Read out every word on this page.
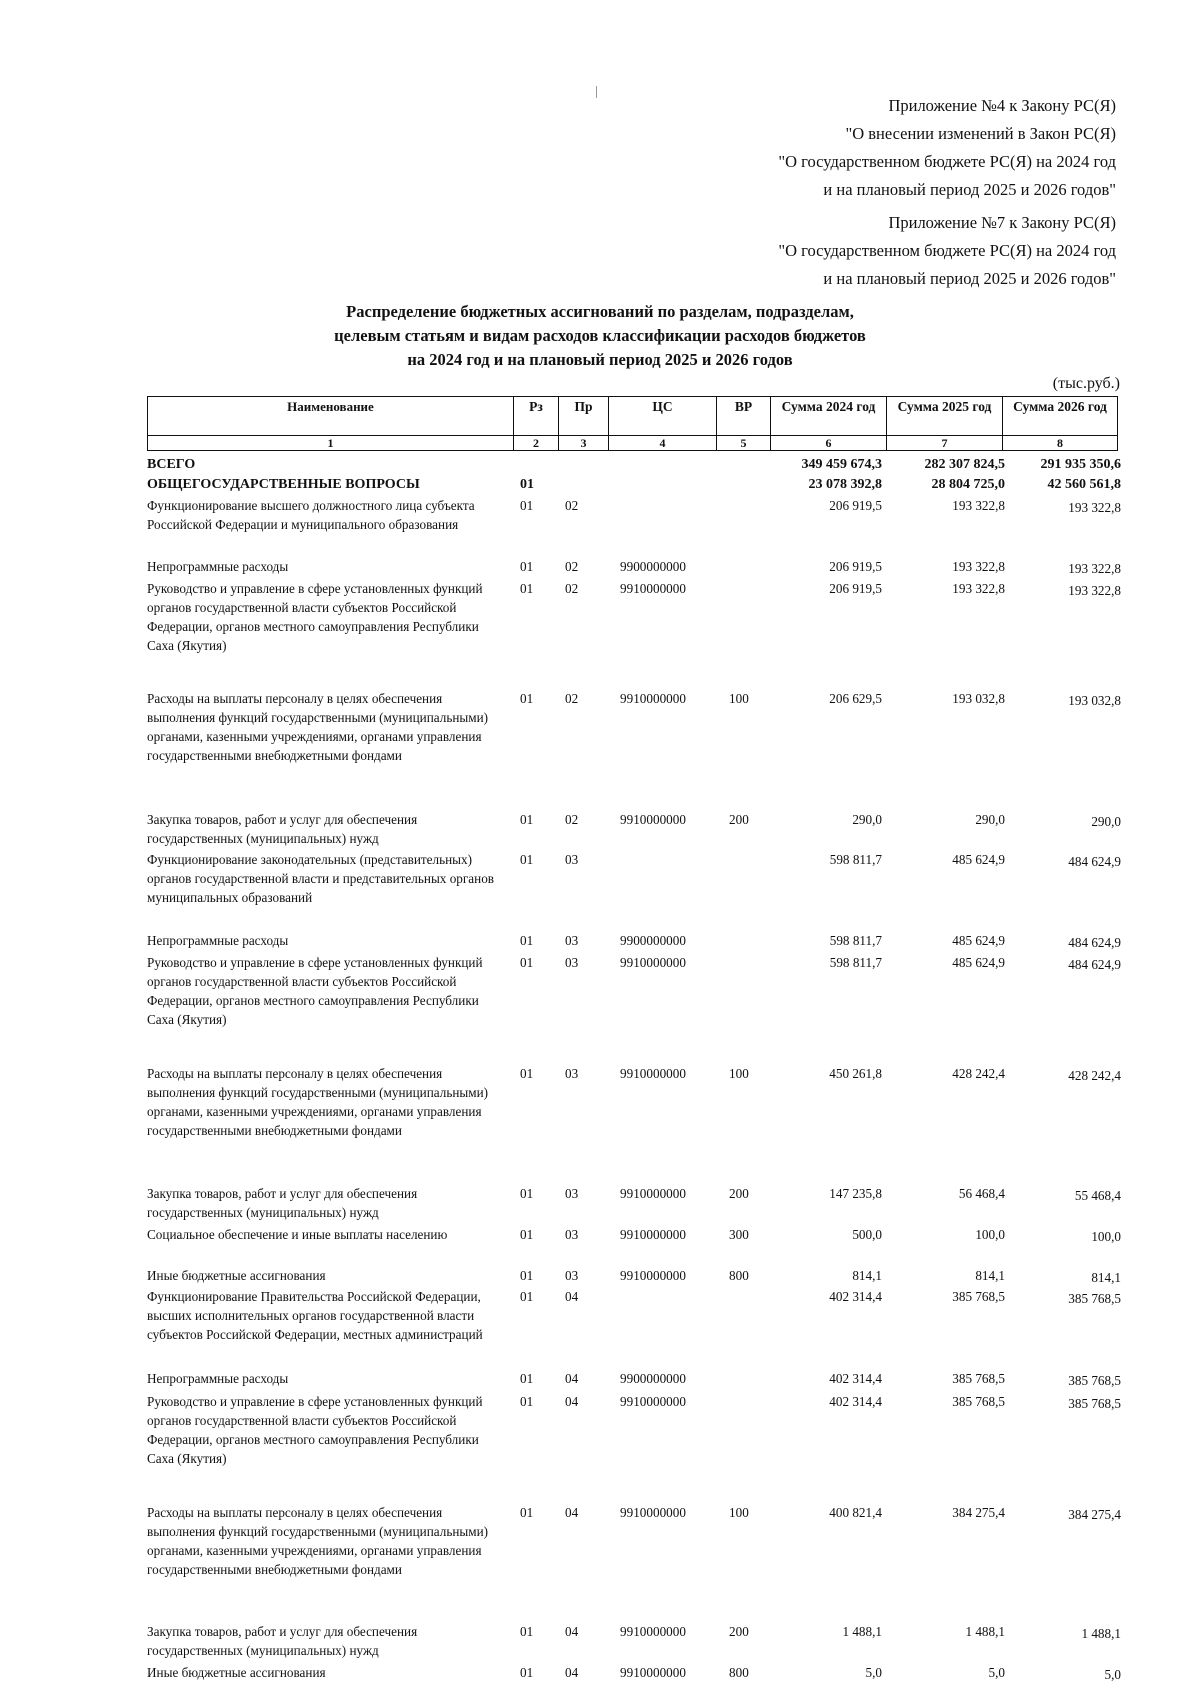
Приложение №4 к Закону РС(Я)
"О внесении изменений в Закон РС(Я)
"О государственном бюджете РС(Я) на 2024 год
и на плановый период 2025 и 2026 годов"
Приложение №7 к Закону РС(Я)
"О государственном бюджете РС(Я) на 2024 год
и на плановый период 2025 и 2026 годов"
Распределение бюджетных ассигнований по разделам, подразделам,
целевым статьям и видам расходов классификации расходов бюджетов
на 2024 год и на плановый период 2025 и 2026 годов
(тыс.руб.)
Наименование	Рз	Пр	ЦС	ВР	Сумма 2024 год	Сумма 2025 год	Сумма 2026 год
1	2	3	4	5	6	7	8
ВСЕГО	349 459 674,3	282 307 824,5	291 935 350,6
ОБЩЕГОСУДАРСТВЕННЫЕ ВОПРОСЫ	01	23 078 392,8	28 804 725,0	42 560 561,8
Функционирование высшего должностного лица субъекта Российской Федерации и муниципального образования
01 02	206 919,5	193 322,8	193 322,8
Непрограммные расходы	01 02	9900000000	206 919,5	193 322,8	193 322,8
Руководство и управление в сфере установленных функций органов государственной власти субъектов Российской Федерации, органов местного самоуправления Республики Саха (Якутия)
01 02	9910000000	206 919,5	193 322,8	193 322,8
Расходы на выплаты персоналу в целях обеспечения выполнения функций государственными (муниципальными) органами, казенными учреждениями, органами управления государственными внебюджетными фондами
01 02	9910000000	100	206 629,5	193 032,8	193 032,8
Закупка товаров, работ и услуг для обеспечения государственных (муниципальных) нужд
01 02	9910000000	200	290,0	290,0	290,0
Функционирование законодательных (представительных) органов государственной власти и представительных органов муниципальных образований
01 03	598 811,7	485 624,9	484 624,9
Непрограммные расходы	01 03	9900000000	598 811,7	485 624,9	484 624,9
Руководство и управление в сфере установленных функций органов государственной власти субъектов Российской Федерации, органов местного самоуправления Республики Саха (Якутия)
01 03	9910000000	598 811,7	485 624,9	484 624,9
Расходы на выплаты персоналу в целях обеспечения выполнения функций государственными (муниципальными) органами, казенными учреждениями, органами управления государственными внебюджетными фондами
01 03	9910000000	100	450 261,8	428 242,4	428 242,4
Закупка товаров, работ и услуг для обеспечения государственных (муниципальных) нужд
01 03	9910000000	200	147 235,8	56 468,4	55 468,4
Социальное обеспечение и иные выплаты населению	01 03	9910000000	300	500,0	100,0	100,0
Иные бюджетные ассигнования	01 03	9910000000	800	814,1	814,1	814,1
Функционирование Правительства Российской Федерации, высших исполнительных органов государственной власти субъектов Российской Федерации, местных администраций
01 04	402 314,4	385 768,5	385 768,5
Непрограммные расходы	01 04	9900000000	402 314,4	385 768,5	385 768,5
Руководство и управление в сфере установленных функций органов государственной власти субъектов Российской Федерации, органов местного самоуправления Республики Саха (Якутия)
01 04	9910000000	402 314,4	385 768,5	385 768,5
Расходы на выплаты персоналу в целях обеспечения выполнения функций государственными (муниципальными) органами, казенными учреждениями, органами управления государственными внебюджетными фондами
01 04	9910000000	100	400 821,4	384 275,4	384 275,4
Закупка товаров, работ и услуг для обеспечения государственных (муниципальных) нужд
01 04	9910000000	200	1 488,1	1 488,1	1 488,1
Иные бюджетные ассигнования	01 04	9910000000	800	5,0	5,0	5,0
